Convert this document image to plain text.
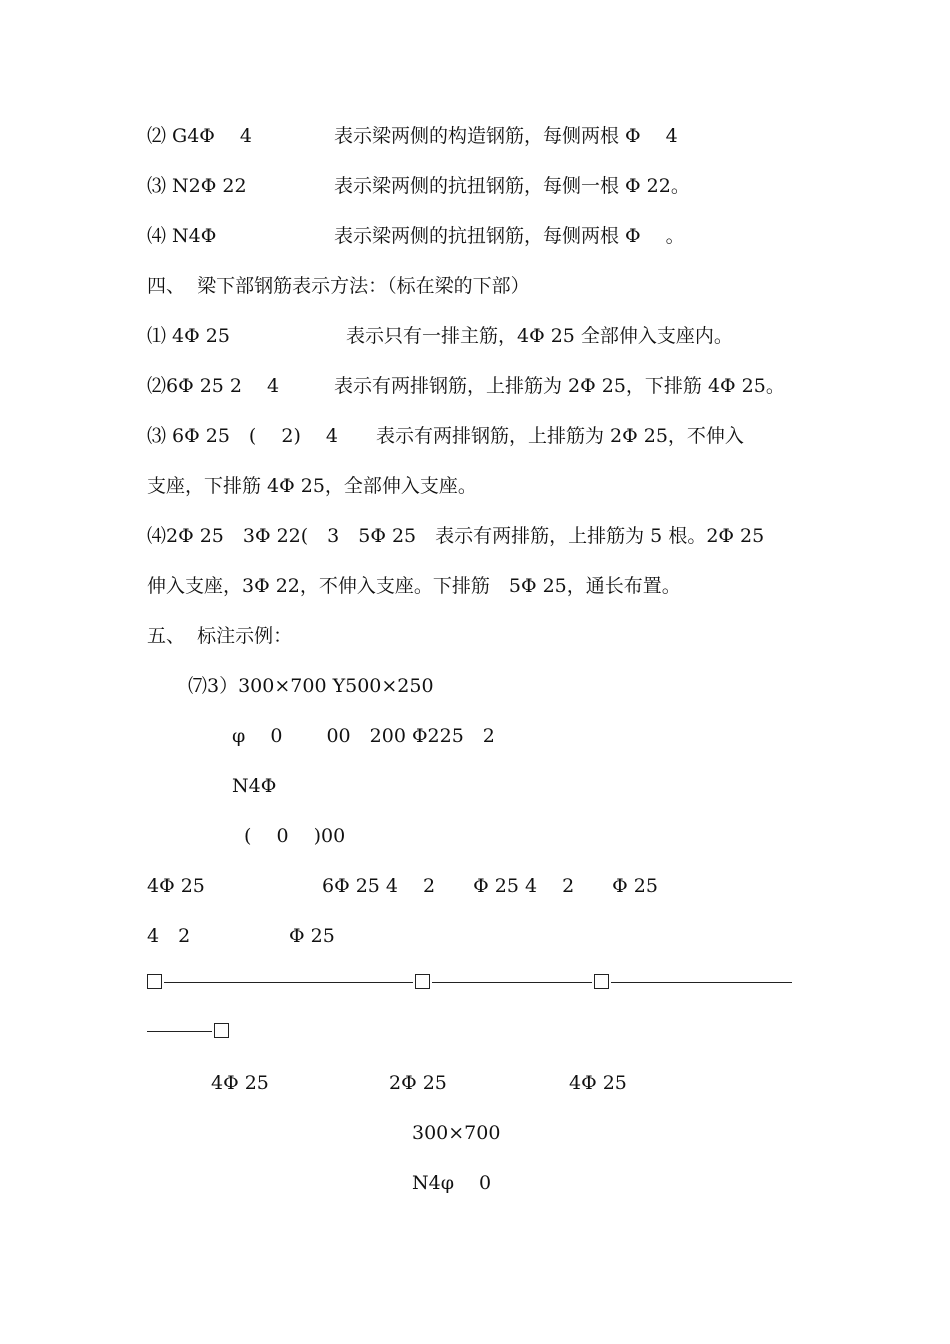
⑵ G4Φ　 4	表示梁两侧的构造钢筋，每侧两根 Φ　 4
⑶ N2Φ 22	表示梁两侧的抗扭钢筋，每侧一根 Φ 22。
⑷ N4Φ	表示梁两侧的抗扭钢筋，每侧两根 Φ　 。
四、  梁下部钢筋表示方法：（标在梁的下部）
⑴ 4Φ 25	表示只有一排主筋，4Φ 25 全部伸入支座内。
⑵6Φ 25 2　 4	表示有两排钢筋，上排筋为 2Φ 25，下排筋 4Φ 25。
⑶ 6Φ 25　(　 2)　 4　　表示有两排钢筋，上排筋为 2Φ 25，不伸入
支座，下排筋 4Φ 25，全部伸入支座。
⑷2Φ 25　3Φ 22(　3　5Φ 25　表示有两排筋，上排筋为 5 根。2Φ 25
伸入支座，3Φ 22，不伸入支座。下排筋　5Φ 25，通长布置。
五、  标注示例：
⑺3）300×700 Y500×250
φ　 0　　 00　200 Φ225　2
N4Φ
(　 0　 )00
4Φ 25	6Φ 25 4　 2　　Φ 25 4　 2　　Φ 25
4　2	Φ 25
4Φ 25	2Φ 25	4Φ 25
300×700
N4φ　 0
